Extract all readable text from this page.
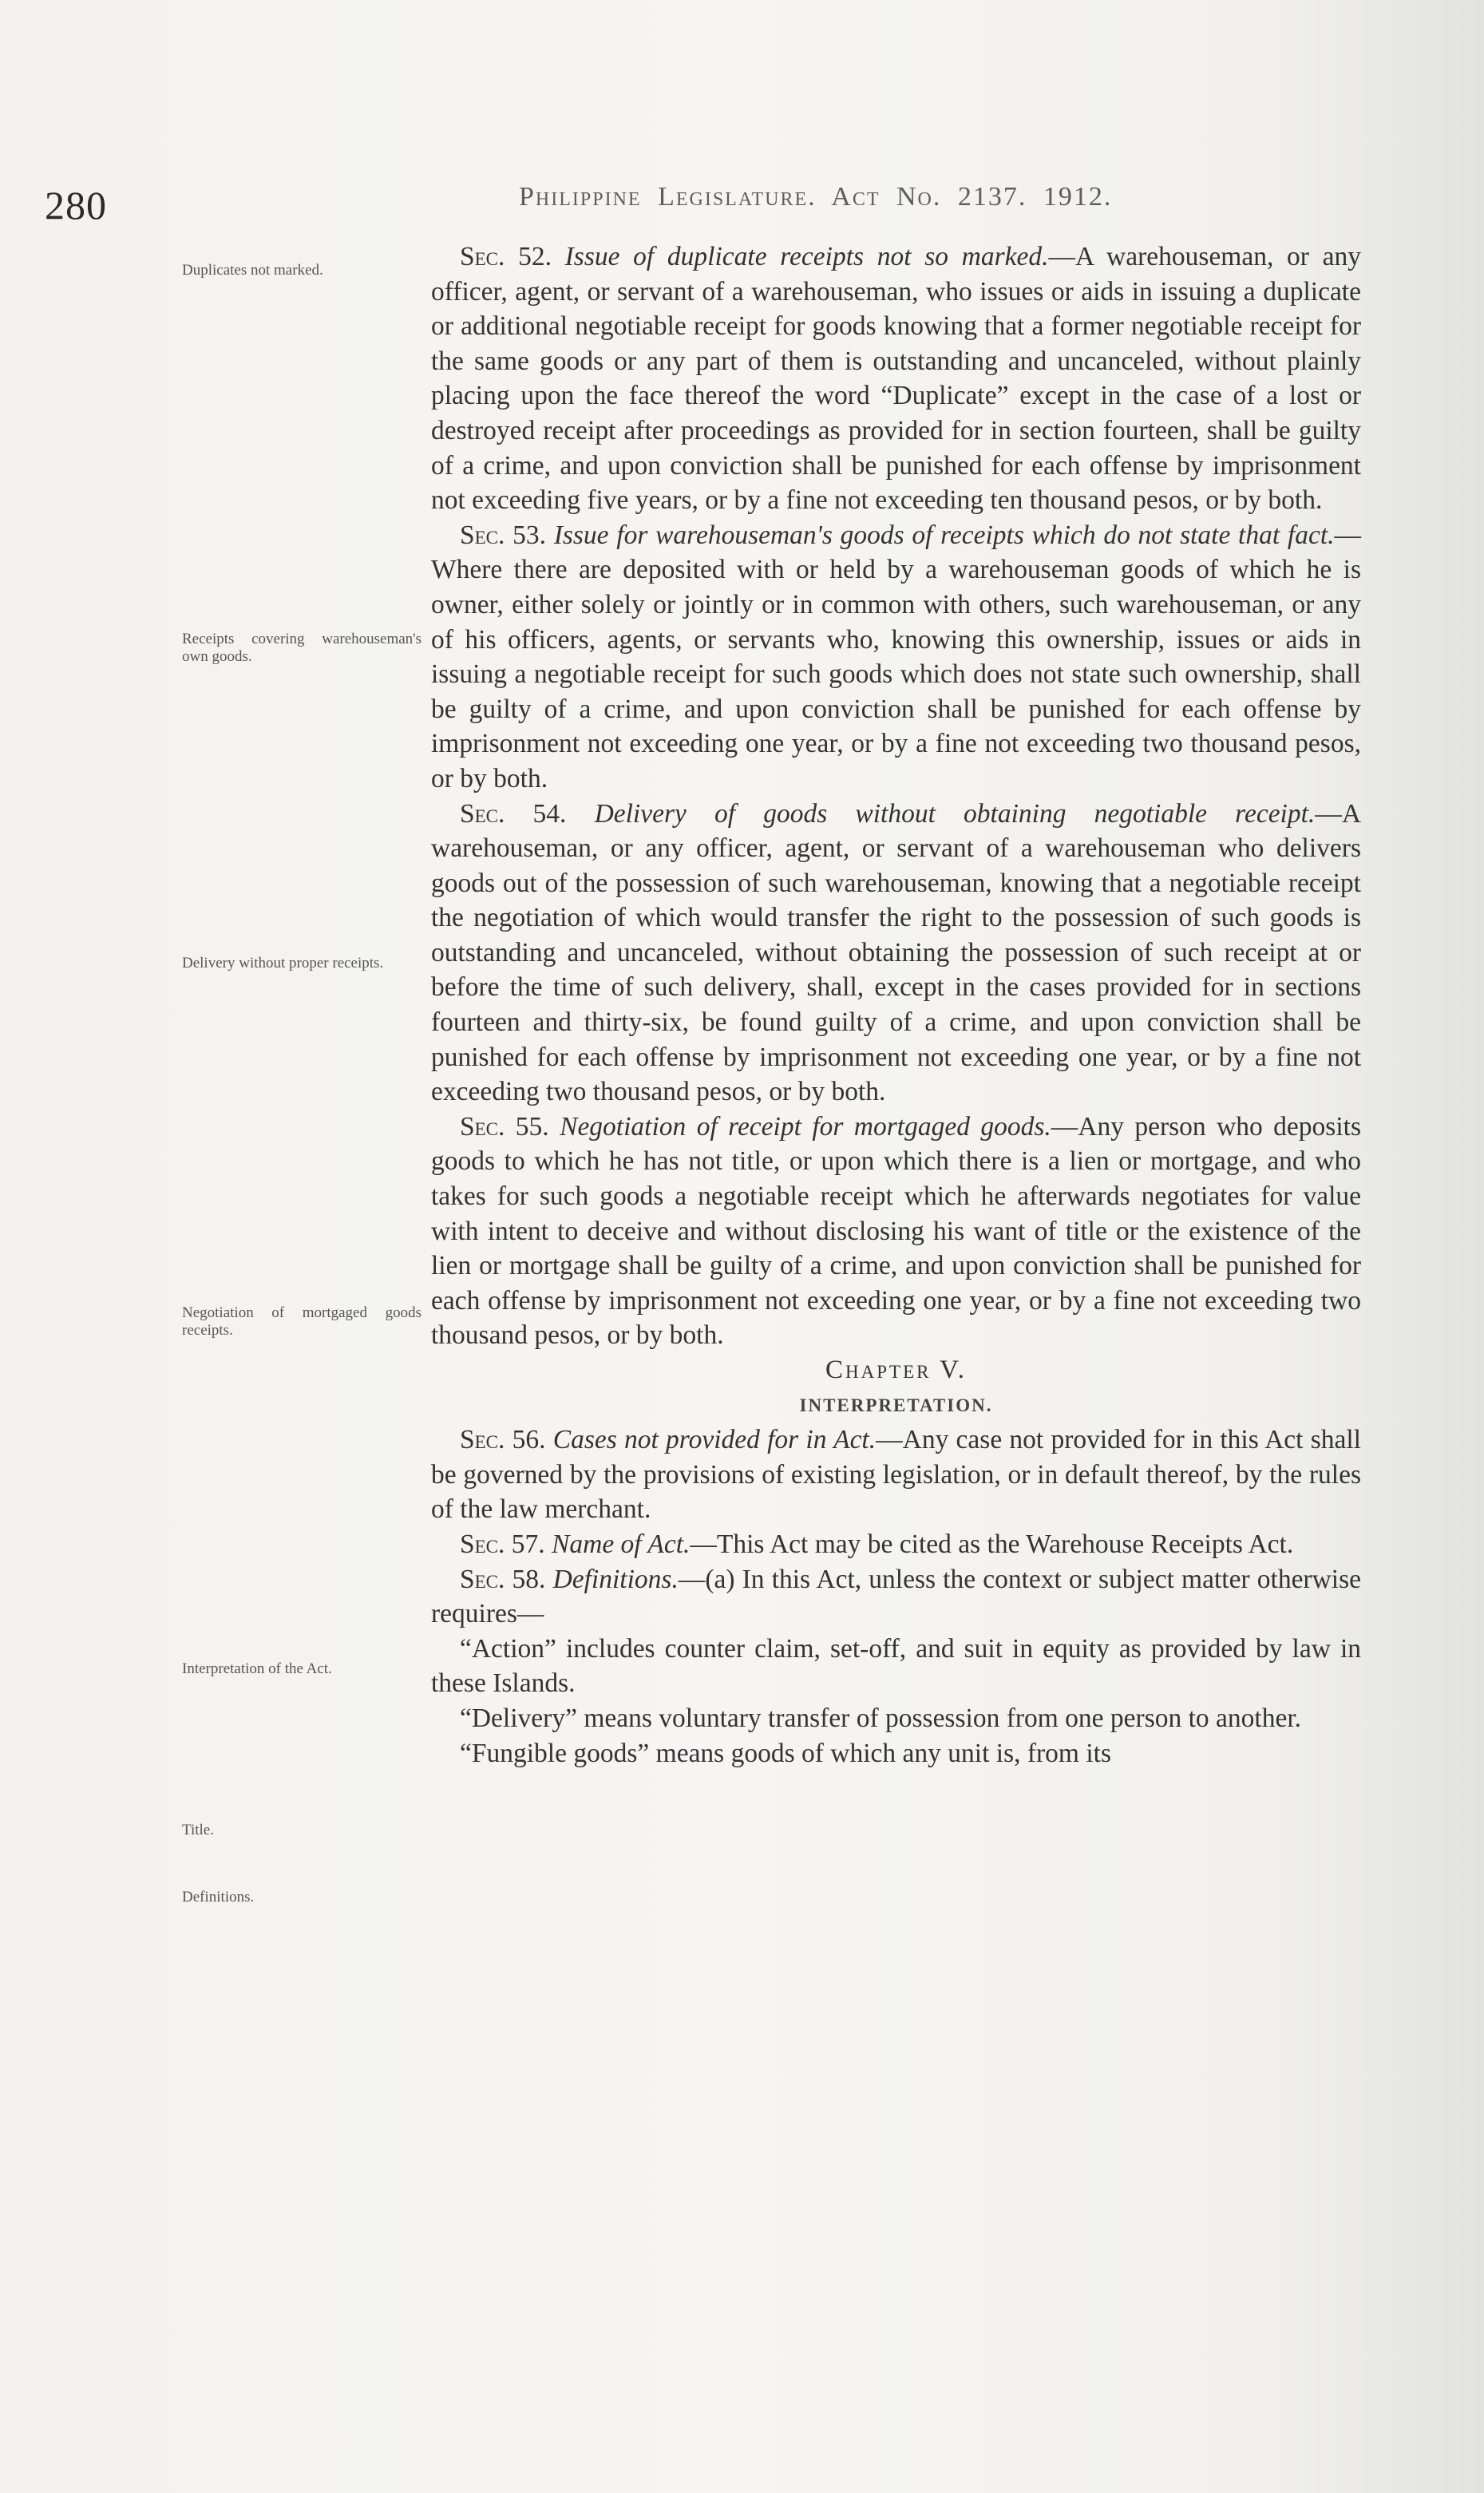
280	Philippine Legislature. Act No. 2137. 1912.
Duplicates not marked.
Receipts covering warehouseman's own goods.
Delivery without proper receipts.
Negotiation of mortgaged goods receipts.
Interpretation of the Act.
Title.
Definitions.

Sec. 52. Issue of duplicate receipts not so marked.—A warehouseman, or any officer, agent, or servant of a warehouseman, who issues or aids in issuing a duplicate or additional negotiable receipt for goods knowing that a former negotiable receipt for the same goods or any part of them is outstanding and uncanceled, without plainly placing upon the face thereof the word “Duplicate” except in the case of a lost or destroyed receipt after proceedings as provided for in section fourteen, shall be guilty of a crime, and upon conviction shall be punished for each offense by imprisonment not exceeding five years, or by a fine not exceeding ten thousand pesos, or by both.

Sec. 53. Issue for warehouseman's goods of receipts which do not state that fact.—Where there are deposited with or held by a warehouseman goods of which he is owner, either solely or jointly or in common with others, such warehouseman, or any of his officers, agents, or servants who, knowing this ownership, issues or aids in issuing a negotiable receipt for such goods which does not state such ownership, shall be guilty of a crime, and upon conviction shall be punished for each offense by imprisonment not exceeding one year, or by a fine not exceeding two thousand pesos, or by both.

Sec. 54. Delivery of goods without obtaining negotiable receipt.—A warehouseman, or any officer, agent, or servant of a warehouseman who delivers goods out of the possession of such warehouseman, knowing that a negotiable receipt the negotiation of which would transfer the right to the possession of such goods is outstanding and uncanceled, without obtaining the possession of such receipt at or before the time of such delivery, shall, except in the cases provided for in sections fourteen and thirty-six, be found guilty of a crime, and upon conviction shall be punished for each offense by imprisonment not exceeding one year, or by a fine not exceeding two thousand pesos, or by both.

Sec. 55. Negotiation of receipt for mortgaged goods.—Any person who deposits goods to which he has not title, or upon which there is a lien or mortgage, and who takes for such goods a negotiable receipt which he afterwards negotiates for value with intent to deceive and without disclosing his want of title or the existence of the lien or mortgage shall be guilty of a crime, and upon conviction shall be punished for each offense by imprisonment not exceeding one year, or by a fine not exceeding two thousand pesos, or by both.

Chapter V.

INTERPRETATION.

Sec. 56. Cases not provided for in Act.—Any case not provided for in this Act shall be governed by the provisions of existing legislation, or in default thereof, by the rules of the law merchant.

Sec. 57. Name of Act.—This Act may be cited as the Warehouse Receipts Act.

Sec. 58. Definitions.—(a) In this Act, unless the context or subject matter otherwise requires—

“Action” includes counter claim, set-off, and suit in equity as provided by law in these Islands.

“Delivery” means voluntary transfer of possession from one person to another.

“Fungible goods” means goods of which any unit is, from its
